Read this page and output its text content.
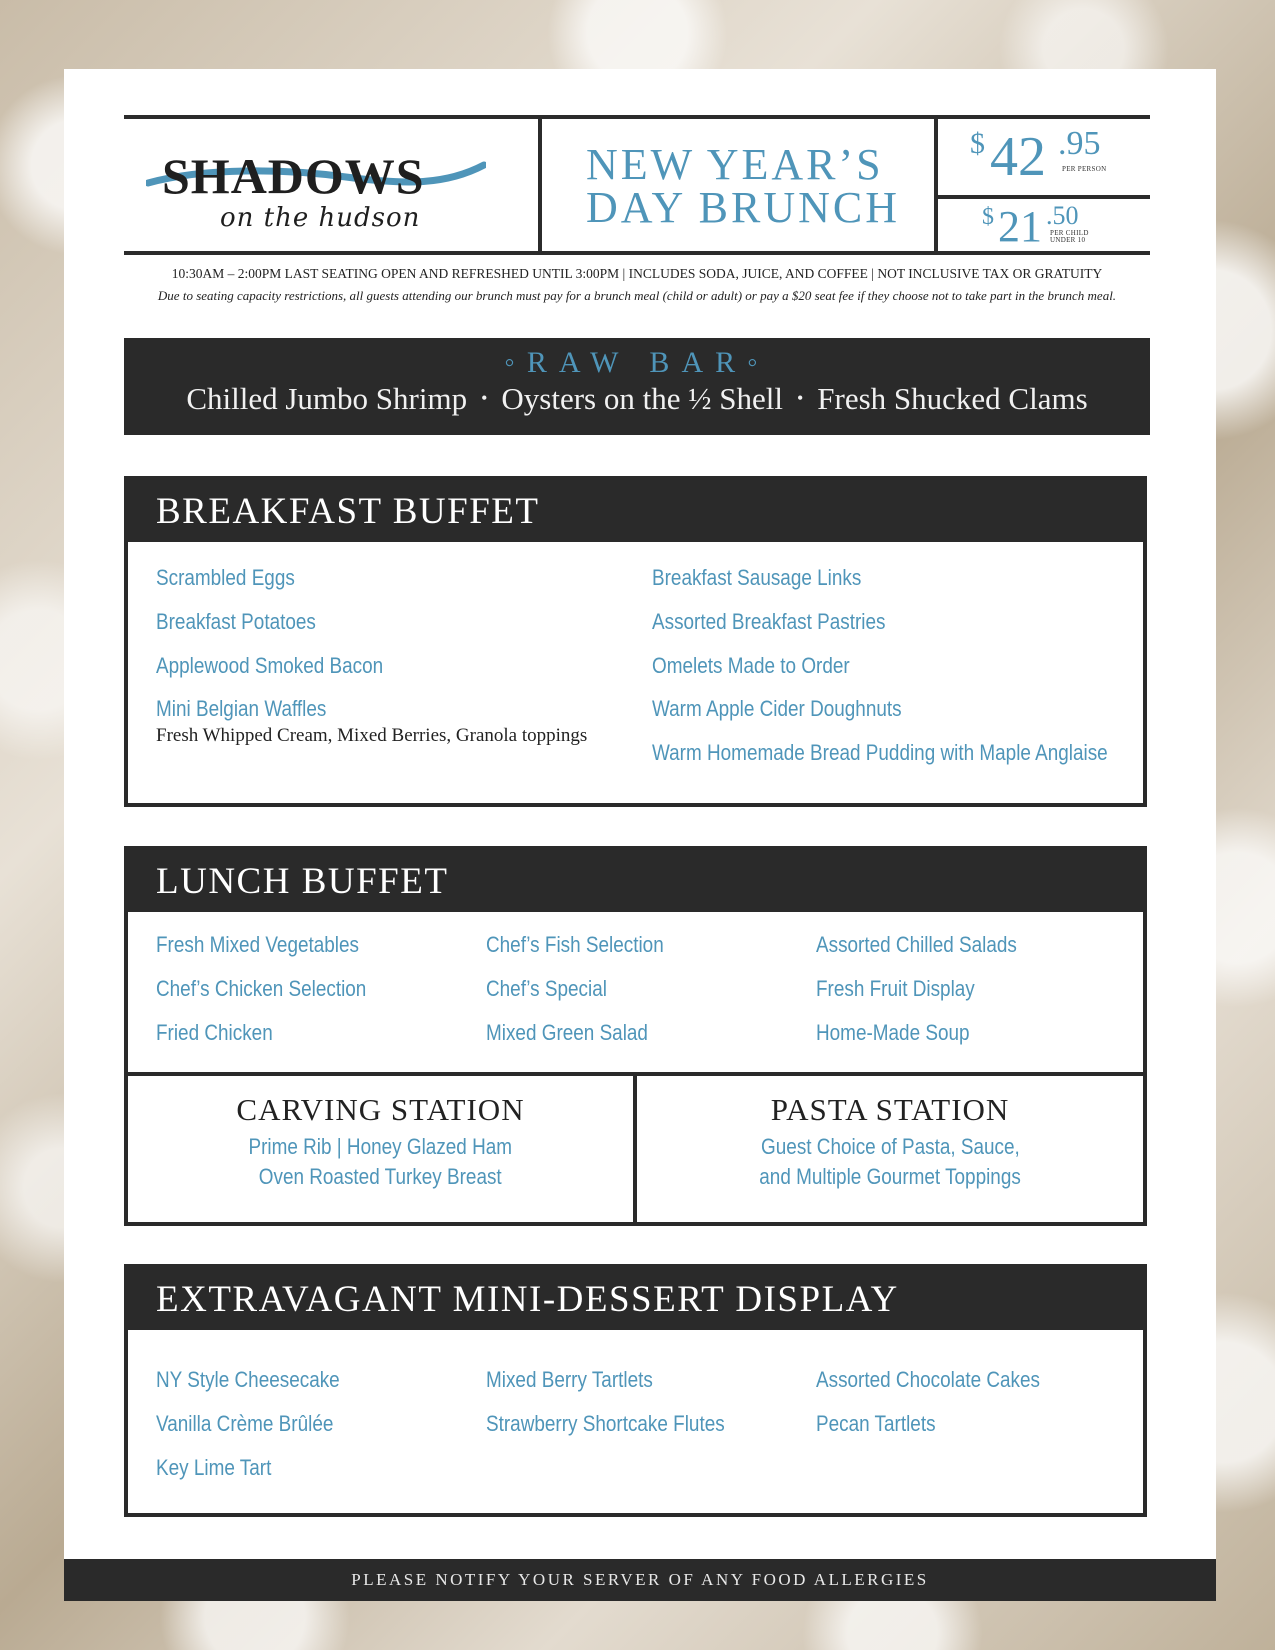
SHADOWS
on the hudson
NEW YEAR’S
DAY BRUNCH
$ 42 .95
PER PERSON
$ 21 .50
PER CHILD
UNDER 10
10:30AM – 2:00PM LAST SEATING OPEN AND REFRESHED UNTIL 3:00PM | INCLUDES SODA, JUICE, AND COFFEE | NOT INCLUSIVE TAX OR GRATUITY
Due to seating capacity restrictions, all guests attending our brunch must pay for a brunch meal (child or adult) or pay a $20 seat fee if they choose not to take part in the brunch meal.
◦RAW BAR◦
Chilled Jumbo Shrimp • Oysters on the ½ Shell • Fresh Shucked Clams
BREAKFAST BUFFET
Scrambled Eggs
Breakfast Potatoes
Applewood Smoked Bacon
Mini Belgian Waffles
Fresh Whipped Cream, Mixed Berries, Granola toppings
Breakfast Sausage Links
Assorted Breakfast Pastries
Omelets Made to Order
Warm Apple Cider Doughnuts
Warm Homemade Bread Pudding with Maple Anglaise
LUNCH BUFFET
Fresh Mixed Vegetables
Chef’s Chicken Selection
Fried Chicken
Chef’s Fish Selection
Chef’s Special
Mixed Green Salad
Assorted Chilled Salads
Fresh Fruit Display
Home-Made Soup
CARVING STATION
Prime Rib | Honey Glazed Ham
Oven Roasted Turkey Breast
PASTA STATION
Guest Choice of Pasta, Sauce,
and Multiple Gourmet Toppings
EXTRAVAGANT MINI-DESSERT DISPLAY
NY Style Cheesecake
Vanilla Crème Brûlée
Key Lime Tart
Mixed Berry Tartlets
Strawberry Shortcake Flutes
Assorted Chocolate Cakes
Pecan Tartlets
PLEASE NOTIFY YOUR SERVER OF ANY FOOD ALLERGIES
